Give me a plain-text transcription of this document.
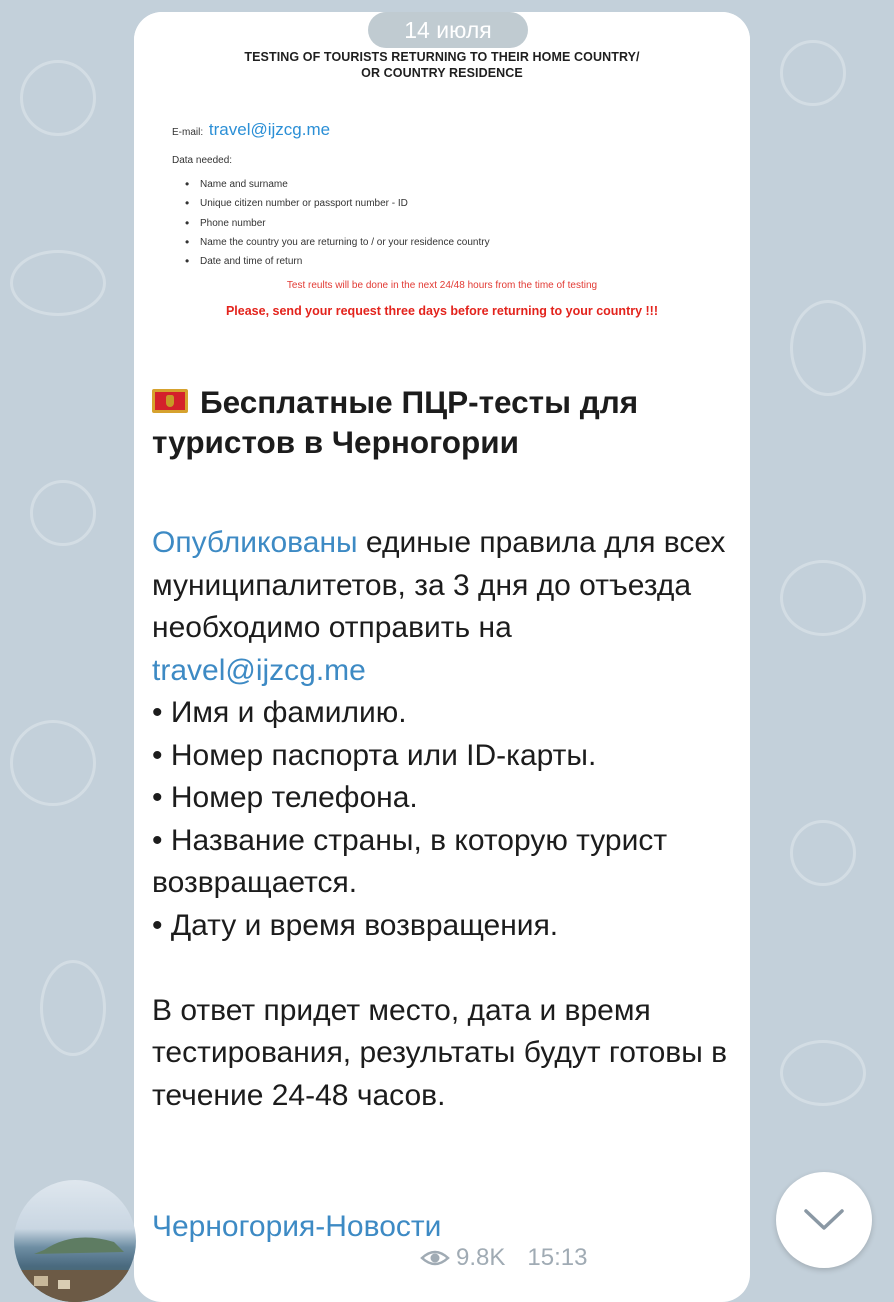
TESTING OF TOURISTS RETURNING TO THEIR HOME COUNTRY/
OR COUNTRY RESIDENCE
E-mail: travel@ijzcg.me
Data needed:
• Name and surname
• Unique citizen number or passport number - ID
• Phone number
• Name the country you are returning to / or your residence country
• Date and time of return
Test reults will be done in the next 24/48 hours from the time of testing
Please, send your request three days before returning to your country !!!
Бесплатные ПЦР-тесты для туристов в Черногории

Опубликованы единые правила для всех муниципалитетов, за 3 дня до отъезда необходимо отправить на travel@ijzcg.me

• Имя и фамилию.

• Номер паспорта или ID-карты.

• Номер телефона.

• Название страны, в которую турист возвращается.

• Дату и время возвращения.

В ответ придет место, дата и время тестирования, результаты будут готовы в течение 24-48 часов.

Черногория-Новости
9.8K 15:13
14 июля
